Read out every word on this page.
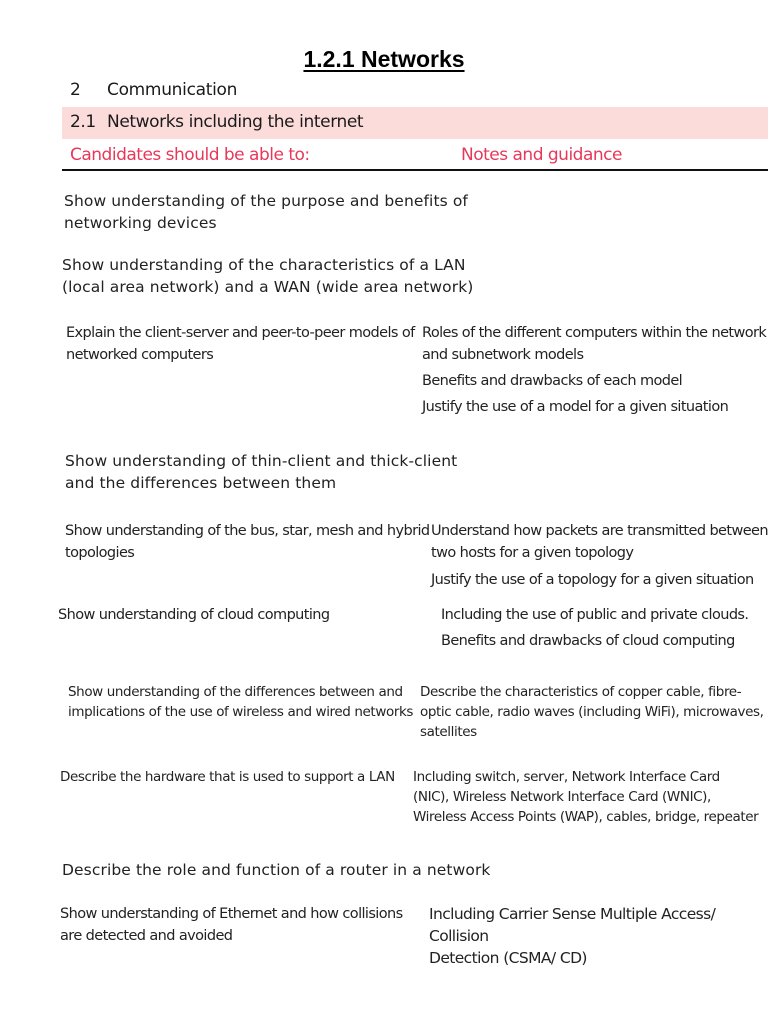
1.2.1 Networks
2 Communication
2.1 Networks including the internet
Candidates should be able to:	Notes and guidance
Show understanding of the purpose and benefits of
networking devices
Show understanding of the characteristics of a LAN
(local area network) and a WAN (wide area network)
Explain the client-server and peer-to-peer models of
networked computers
Roles of the different computers within the network
and subnetwork models
Benefits and drawbacks of each model
Justify the use of a model for a given situation
Show understanding of thin-client and thick-client
and the differences between them
Show understanding of the bus, star, mesh and hybrid
topologies
Understand how packets are transmitted between
two hosts for a given topology
Justify the use of a topology for a given situation
Show understanding of cloud computing	Including the use of public and private clouds.
Benefits and drawbacks of cloud computing
Show understanding of the differences between and
implications of the use of wireless and wired networks
Describe the characteristics of copper cable, fibre-
optic cable, radio waves (including WiFi), microwaves,
satellites
Describe the hardware that is used to support a LAN Including switch, server, Network Interface Card
(NIC), Wireless Network Interface Card (WNIC),
Wireless Access Points (WAP), cables, bridge, repeater
Describe the role and function of a router in a network
Show understanding of Ethernet and how collisions
are detected and avoided
Including Carrier Sense Multiple Access/ Collision
Detection (CSMA/ CD)
